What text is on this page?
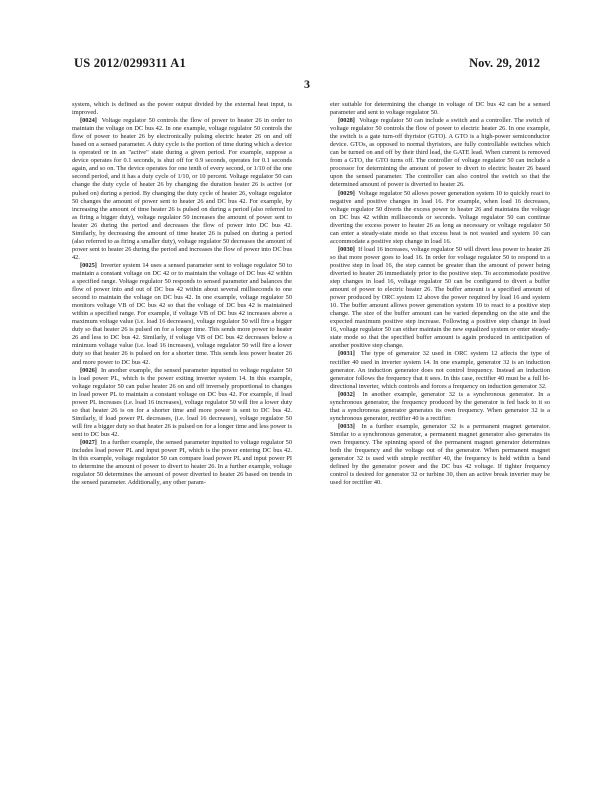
US 2012/0299311 A1	Nov. 29, 2012
3

system, which is defined as the power output divided by the external heat input, is improved.

[0024] Voltage regulator 50 controls the flow of power to heater 26 in order to maintain the voltage on DC bus 42. In one example, voltage regulator 50 controls the flow of power to heater 26 by electronically pulsing electric heater 26 on and off based on a sensed parameter. A duty cycle is the portion of time during which a device is operated or in an "active" state during a given period. For example, suppose a device operates for 0.1 seconds, is shut off for 0.9 seconds, operates for 0.1 seconds again, and so on. The device operates for one tenth of every second, or 1/10 of the one second period, and it has a duty cycle of 1/10, or 10 percent. Voltage regulator 50 can change the duty cycle of heater 26 by changing the duration heater 26 is active (or pulsed on) during a period. By changing the duty cycle of heater 26, voltage regulator 50 changes the amount of power sent to heater 26 and DC bus 42. For example, by increasing the amount of time heater 26 is pulsed on during a period (also referred to as firing a bigger duty), voltage regulator 50 increases the amount of power sent to heater 26 during the period and decreases the flow of power into DC bus 42. Similarly, by decreasing the amount of time heater 26 is pulsed on during a period (also referred to as firing a smaller duty), voltage regulator 50 decreases the amount of power sent to heater 26 during the period and increases the flow of power into DC bus 42.

[0025] Inverter system 14 uses a sensed parameter sent to voltage regulator 50 to maintain a constant voltage on DC 42 or to maintain the voltage of DC bus 42 within a specified range. Voltage regulator 50 responds to sensed parameter and balances the flow of power into and out of DC bus 42 within about several milliseconds to one second to maintain the voltage on DC bus 42. In one example, voltage regulator 50 monitors voltage VB of DC bus 42 so that the voltage of DC bus 42 is maintained within a specified range. For example, if voltage VB of DC bus 42 increases above a maximum voltage value (i.e. load 16 decreases), voltage regulator 50 will fire a bigger duty so that heater 26 is pulsed on for a longer time. This sends more power to heater 26 and less to DC bus 42. Similarly, if voltage VB of DC bus 42 decreases below a minimum voltage value (i.e. load 16 increases), voltage regulator 50 will fire a lower duty so that heater 26 is pulsed on for a shorter time. This sends less power heater 26 and more power to DC bus 42.

[0026] In another example, the sensed parameter inputted to voltage regulator 50 is load power PL, which is the power exiting inverter system 14. In this example, voltage regulator 50 can pulse heater 26 on and off inversely proportional to changes in load power PL to maintain a constant voltage on DC bus 42. For example, if load power PL increases (i.e. load 16 increases), voltage regulator 50 will fire a lower duty so that heater 26 is on for a shorter time and more power is sent to DC bus 42. Similarly, if load power PL decreases, (i.e. load 16 decreases), voltage regulator 50 will fire a bigger duty so that heater 26 is pulsed on for a longer time and less power is sent to DC bus 42.

[0027] In a further example, the sensed parameter inputted to voltage regulator 50 includes load power PL and input power PI, which is the power entering DC bus 42. In this example, voltage regulator 50 can compare load power PL and input power PI to determine the amount of power to divert to heater 26. In a further example, voltage regulator 50 determines the amount of power diverted to heater 26 based on trends in the sensed parameter. Additionally, any other param-

eter suitable for determining the change in voltage of DC bus 42 can be a sensed parameter and sent to voltage regulator 50.

[0028] Voltage regulator 50 can include a switch and a controller. The switch of voltage regulator 50 controls the flow of power to electric heater 26. In one example, the switch is a gate turn-off thyristor (GTO). A GTO is a high-power semiconductor device. GTOs, as opposed to normal thyristors, are fully controllable switches which can be turned on and off by their third lead, the GATE lead. When current is removed from a GTO, the GTO turns off. The controller of voltage regulator 50 can include a processor for determining the amount of power to divert to electric heater 26 based upon the sensed parameter. The controller can also control the switch so that the determined amount of power is diverted to heater 26.

[0029] Voltage regulator 50 allows power generation system 10 to quickly react to negative and positive changes in load 16. For example, when load 16 decreases, voltage regulator 50 diverts the excess power to heater 26 and maintains the voltage on DC bus 42 within milliseconds or seconds. Voltage regulator 50 can continue diverting the excess power to heater 26 as long as necessary or voltage regulator 50 can enter a steady-state mode so that excess heat is not wasted and system 10 can accommodate a positive step change in load 16.

[0030] If load 16 increases, voltage regulator 50 will divert less power to heater 26 so that more power goes to load 16. In order for voltage regulator 50 to respond to a positive step in load 16, the step cannot be greater than the amount of power being diverted to heater 26 immediately prior to the positive step. To accommodate positive step changes in load 16, voltage regulator 50 can be configured to divert a buffer amount of power to electric heater 26. The buffer amount is a specified amount of power produced by ORC system 12 above the power required by load 16 and system 10. The buffer amount allows power generation system 10 to react to a positive step change. The size of the buffer amount can be varied depending on the site and the expected maximum positive step increase. Following a positive step change in load 16, voltage regulator 50 can either maintain the new equalized system or enter steady-state mode so that the specified buffer amount is again produced in anticipation of another positive step change.

[0031] The type of generator 32 used in ORC system 12 affects the type of rectifier 40 used in inverter system 14. In one example, generator 32 is an induction generator. An induction generator does not control frequency. Instead an induction generator follows the frequency that it sees. In this case, rectifier 40 must be a full bi-directional inverter, which controls and forces a frequency on induction generator 32.

[0032] In another example, generator 32 is a synchronous generator. In a synchronous generator, the frequency produced by the generator is fed back to it so that a synchronous generator generates its own frequency. When generator 32 is a synchronous generator, rectifier 40 is a rectifier.

[0033] In a further example, generator 32 is a permanent magnet generator. Similar to a synchronous generator, a permanent magnet generator also generates its own frequency. The spinning speed of the permanent magnet generator determines both the frequency and the voltage out of the generator. When permanent magnet generator 32 is used with simple rectifier 40, the frequency is held within a band defined by the generator power and the DC bus 42 voltage. If tighter frequency control is desired for generator 32 or turbine 30, then an active break inverter may be used for rectifier 40.
